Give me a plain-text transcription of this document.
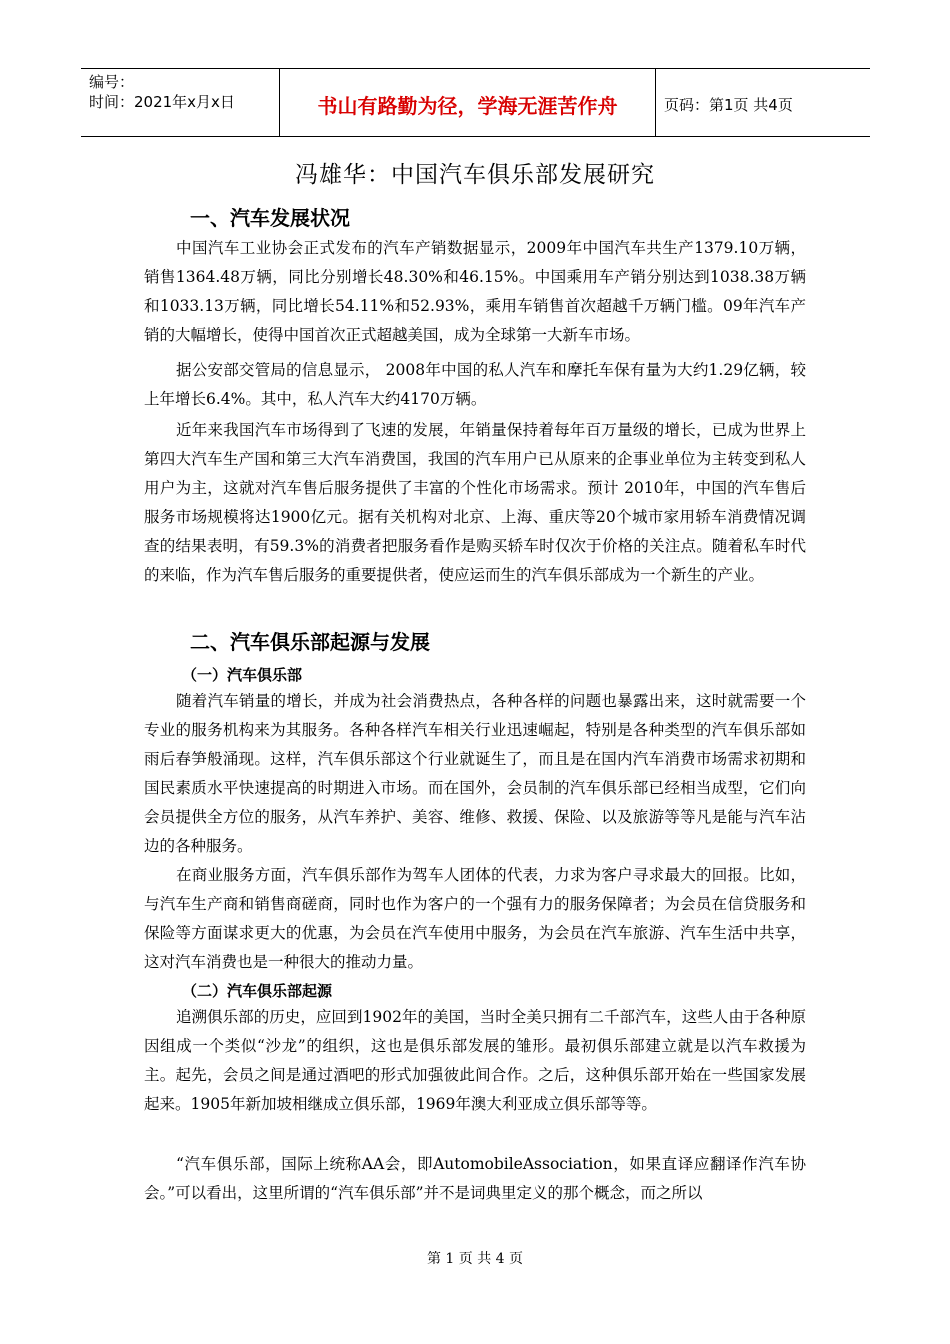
编号：
时间：2021年x月x日	书山有路勤为径，学海无涯苦作舟	页码：第1页 共4页
冯雄华：中国汽车俱乐部发展研究
一、汽车发展状况

中国汽车工业协会正式发布的汽车产销数据显示，2009年中国汽车共生产1379.10万辆，销售1364.48万辆，同比分别增长48.30%和46.15%。中国乘用车产销分别达到1038.38万辆和1033.13万辆，同比增长54.11%和52.93%，乘用车销售首次超越千万辆门槛。09年汽车产销的大幅增长，使得中国首次正式超越美国，成为全球第一大新车市场。

据公安部交管局的信息显示， 2008年中国的私人汽车和摩托车保有量为大约1.29亿辆，较上年增长6.4%。其中，私人汽车大约4170万辆。

近年来我国汽车市场得到了飞速的发展，年销量保持着每年百万量级的增长，已成为世界上第四大汽车生产国和第三大汽车消费国，我国的汽车用户已从原来的企事业单位为主转变到私人用户为主，这就对汽车售后服务提供了丰富的个性化市场需求。预计 2010年，中国的汽车售后服务市场规模将达1900亿元。据有关机构对北京、上海、重庆等20个城市家用轿车消费情况调查的结果表明，有59.3%的消费者把服务看作是购买轿车时仅次于价格的关注点。随着私车时代的来临，作为汽车售后服务的重要提供者，使应运而生的汽车俱乐部成为一个新生的产业。

二、汽车俱乐部起源与发展
（一）汽车俱乐部

随着汽车销量的增长，并成为社会消费热点，各种各样的问题也暴露出来，这时就需要一个专业的服务机构来为其服务。各种各样汽车相关行业迅速崛起，特别是各种类型的汽车俱乐部如雨后春笋般涌现。这样，汽车俱乐部这个行业就诞生了，而且是在国内汽车消费市场需求初期和国民素质水平快速提高的时期进入市场。而在国外，会员制的汽车俱乐部已经相当成型，它们向会员提供全方位的服务，从汽车养护、美容、维修、救援、保险、以及旅游等等凡是能与汽车沾边的各种服务。

在商业服务方面，汽车俱乐部作为驾车人团体的代表，力求为客户寻求最大的回报。比如，与汽车生产商和销售商磋商，同时也作为客户的一个强有力的服务保障者；为会员在信贷服务和保险等方面谋求更大的优惠，为会员在汽车使用中服务，为会员在汽车旅游、汽车生活中共享，这对汽车消费也是一种很大的推动力量。

（二）汽车俱乐部起源

追溯俱乐部的历史，应回到1902年的美国，当时全美只拥有二千部汽车，这些人由于各种原因组成一个类似“沙龙”的组织，这也是俱乐部发展的雏形。最初俱乐部建立就是以汽车救援为主。起先，会员之间是通过酒吧的形式加强彼此间合作。之后，这种俱乐部开始在一些国家发展起来。1905年新加坡相继成立俱乐部，1969年澳大利亚成立俱乐部等等。

“汽车俱乐部，国际上统称AA会，即AutomobileAssociation，如果直译应翻译作汽车协会。”可以看出，这里所谓的“汽车俱乐部”并不是词典里定义的那个概念，而之所以

第 1 页 共 4 页
